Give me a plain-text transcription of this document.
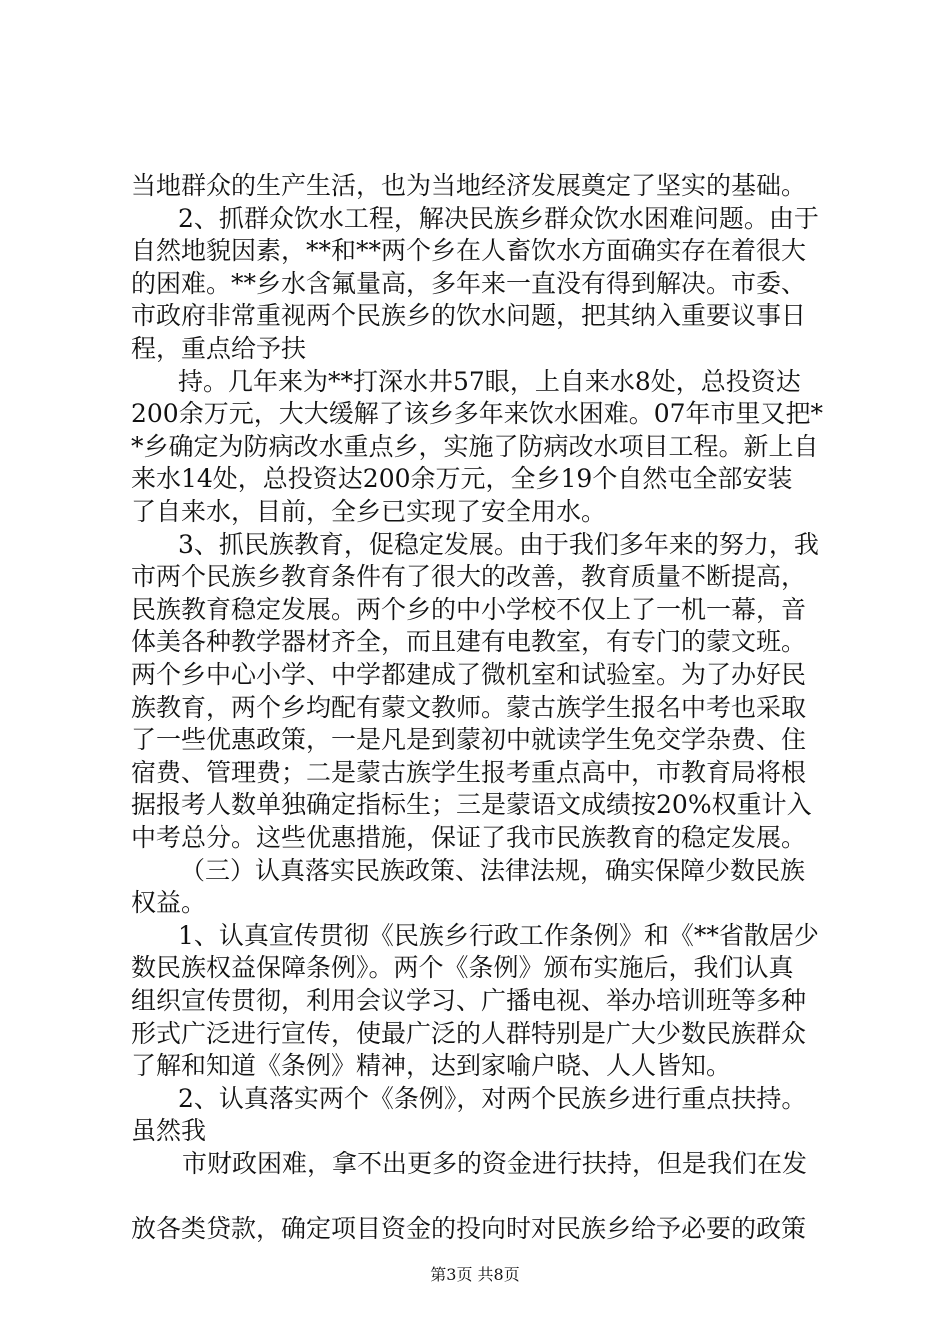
当地群众的生产生活，也为当地经济发展奠定了坚实的基础。
2、抓群众饮水工程，解决民族乡群众饮水困难问题。由于
自然地貌因素，**和**两个乡在人畜饮水方面确实存在着很大
的困难。**乡水含氟量高，多年来一直没有得到解决。市委、
市政府非常重视两个民族乡的饮水问题，把其纳入重要议事日
程，重点给予扶
持。几年来为**打深水井57眼，上自来水8处，总投资达
200余万元，大大缓解了该乡多年来饮水困难。07年市里又把*
*乡确定为防病改水重点乡，实施了防病改水项目工程。新上自
来水14处，总投资达200余万元，全乡19个自然屯全部安装
了自来水，目前，全乡已实现了安全用水。
3、抓民族教育，促稳定发展。由于我们多年来的努力，我
市两个民族乡教育条件有了很大的改善，教育质量不断提高，
民族教育稳定发展。两个乡的中小学校不仅上了一机一幕，音
体美各种教学器材齐全，而且建有电教室，有专门的蒙文班。
两个乡中心小学、中学都建成了微机室和试验室。为了办好民
族教育，两个乡均配有蒙文教师。蒙古族学生报名中考也采取
了一些优惠政策，一是凡是到蒙初中就读学生免交学杂费、住
宿费、管理费；二是蒙古族学生报考重点高中，市教育局将根
据报考人数单独确定指标生；三是蒙语文成绩按20%权重计入
中考总分。这些优惠措施，保证了我市民族教育的稳定发展。
（三）认真落实民族政策、法律法规，确实保障少数民族
权益。
1、认真宣传贯彻《民族乡行政工作条例》和《**省散居少
数民族权益保障条例》。两个《条例》颁布实施后，我们认真
组织宣传贯彻，利用会议学习、广播电视、举办培训班等多种
形式广泛进行宣传，使最广泛的人群特别是广大少数民族群众
了解和知道《条例》精神，达到家喻户晓、人人皆知。
2、认真落实两个《条例》，对两个民族乡进行重点扶持。
虽然我
市财政困难，拿不出更多的资金进行扶持，但是我们在发
放各类贷款，确定项目资金的投向时对民族乡给予必要的政策
第3页 共8页
